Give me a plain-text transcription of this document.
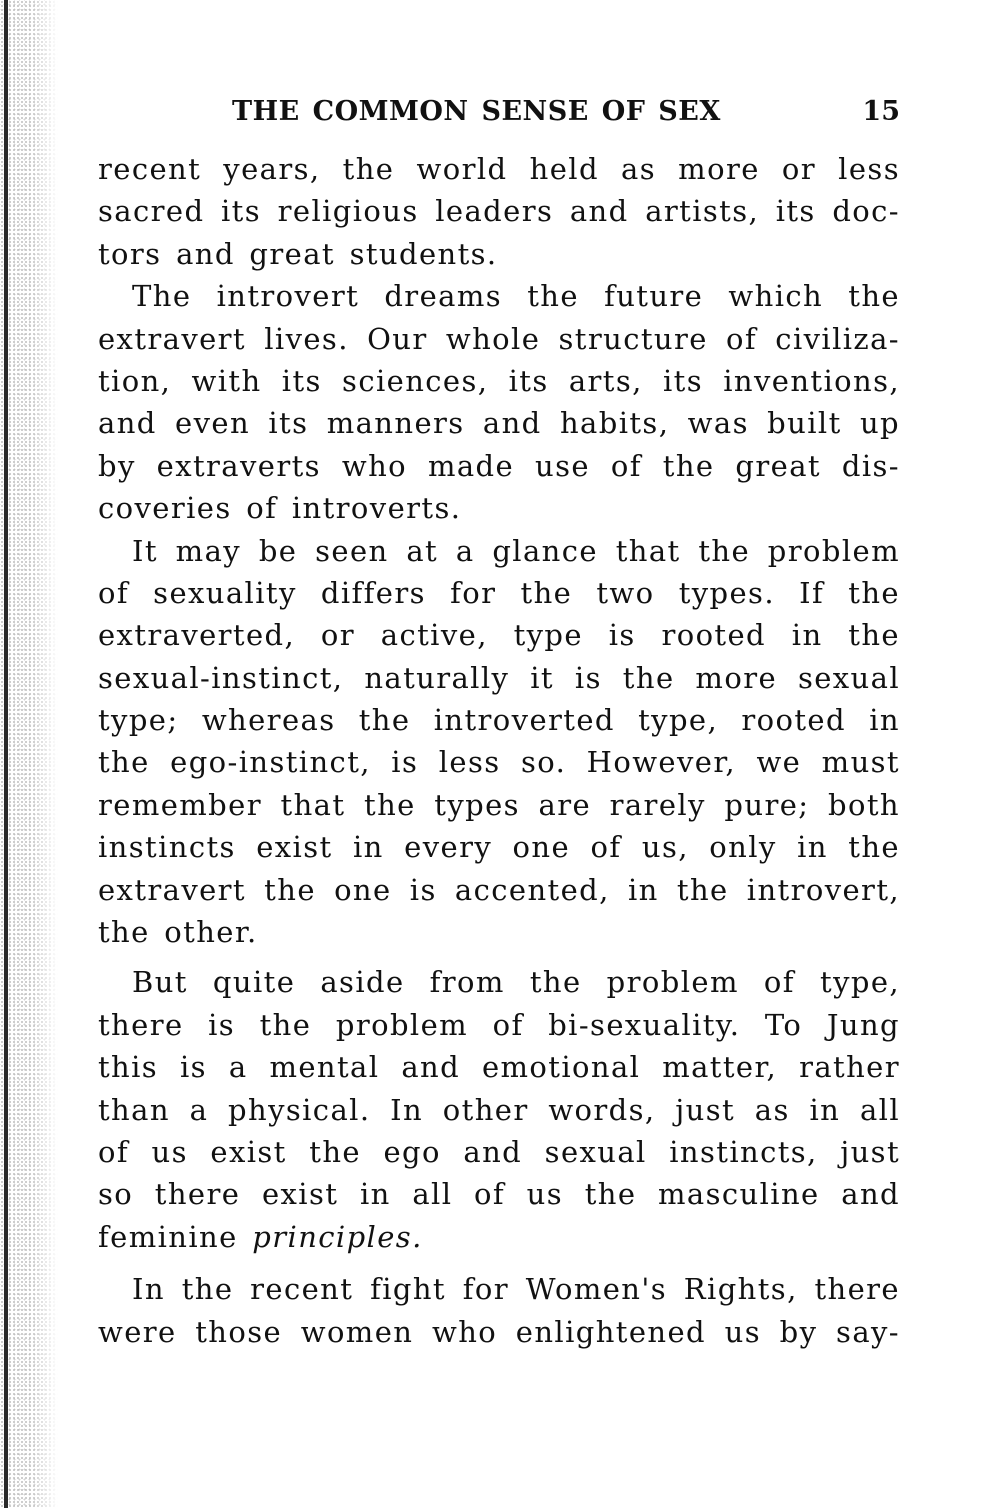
THE COMMON SENSE OF SEX	15
recent years, the world held as more or less
sacred its religious leaders and artists, its doc-
tors and great students.
The introvert dreams the future which the
extravert lives. Our whole structure of civiliza-
tion, with its sciences, its arts, its inventions,
and even its manners and habits, was built up
by extraverts who made use of the great dis-
coveries of introverts.
It may be seen at a glance that the problem
of sexuality differs for the two types. If the
extraverted, or active, type is rooted in the
sexual-instinct, naturally it is the more sexual
type; whereas the introverted type, rooted in
the ego-instinct, is less so. However, we must
remember that the types are rarely pure; both
instincts exist in every one of us, only in the
extravert the one is accented, in the introvert,
the other.
But quite aside from the problem of type,
there is the problem of bi-sexuality. To Jung
this is a mental and emotional matter, rather
than a physical. In other words, just as in all
of us exist the ego and sexual instincts, just
so there exist in all of us the masculine and
feminine principles.
In the recent fight for Women's Rights, there
were those women who enlightened us by say-
